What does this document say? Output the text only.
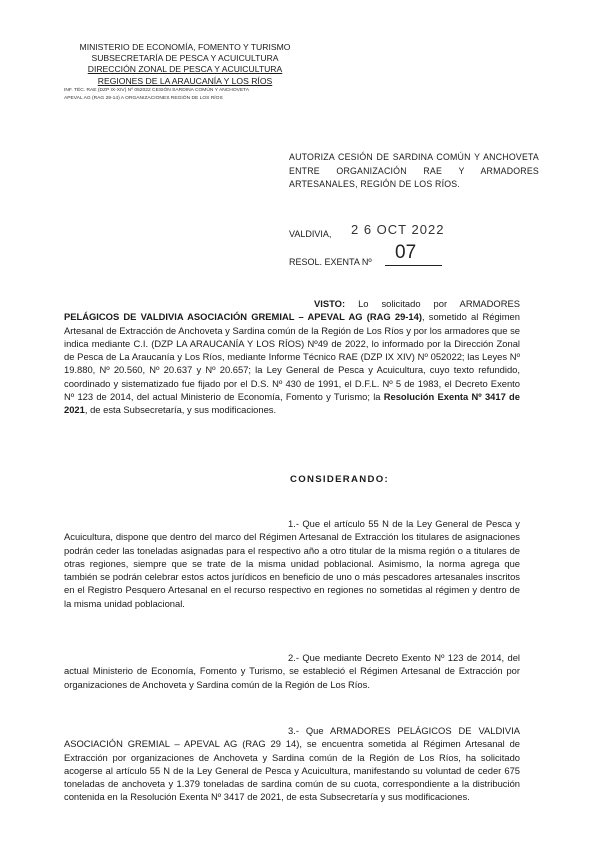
MINISTERIO DE ECONOMÍA, FOMENTO Y TURISMO
SUBSECRETARÍA DE PESCA Y ACUICULTURA
DIRECCIÓN ZONAL DE PESCA Y ACUICULTURA
REGIONES DE LA ARAUCANÍA Y LOS RÍOS
INF. TÉC. RAE (DZP IX-XIV) Nº 052022 CESIÓN SARDINA COMÚN Y ANCHOVETA
APEVAL AG (RAG 29-14) A ORGANIZACIONES REGIÓN DE LOS RÍOS
AUTORIZA CESIÓN DE SARDINA COMÚN Y ANCHOVETA ENTRE ORGANIZACIÓN RAE Y ARMADORES ARTESANALES, REGIÓN DE LOS RÍOS.
VALDIVIA, 2 6 OCT 2022
RESOL. EXENTA Nº 07
VISTO: Lo solicitado por ARMADORES PELÁGICOS DE VALDIVIA ASOCIACIÓN GREMIAL – APEVAL AG (RAG 29-14), sometido al Régimen Artesanal de Extracción de Anchoveta y Sardina común de la Región de Los Ríos y por los armadores que se indica mediante C.I. (DZP LA ARAUCANÍA Y LOS RÍOS) Nº49 de 2022, lo informado por la Dirección Zonal de Pesca de La Araucanía y Los Ríos, mediante Informe Técnico RAE (DZP IX XIV) Nº 052022; las Leyes Nº 19.880, Nº 20.560, Nº 20.637 y Nº 20.657; la Ley General de Pesca y Acuicultura, cuyo texto refundido, coordinado y sistematizado fue fijado por el D.S. Nº 430 de 1991, el D.F.L. Nº 5 de 1983, el Decreto Exento Nº 123 de 2014, del actual Ministerio de Economía, Fomento y Turismo; la Resolución Exenta Nº 3417 de 2021, de esta Subsecretaría, y sus modificaciones.
CONSIDERANDO:
1.- Que el artículo 55 N de la Ley General de Pesca y Acuicultura, dispone que dentro del marco del Régimen Artesanal de Extracción los titulares de asignaciones podrán ceder las toneladas asignadas para el respectivo año a otro titular de la misma región o a titulares de otras regiones, siempre que se trate de la misma unidad poblacional. Asimismo, la norma agrega que también se podrán celebrar estos actos jurídicos en beneficio de uno o más pescadores artesanales inscritos en el Registro Pesquero Artesanal en el recurso respectivo en regiones no sometidas al régimen y dentro de la misma unidad poblacional.
2.- Que mediante Decreto Exento Nº 123 de 2014, del actual Ministerio de Economía, Fomento y Turismo, se estableció el Régimen Artesanal de Extracción por organizaciones de Anchoveta y Sardina común de la Región de Los Ríos.
3.- Que ARMADORES PELÁGICOS DE VALDIVIA ASOCIACIÓN GREMIAL – APEVAL AG (RAG 29 14), se encuentra sometida al Régimen Artesanal de Extracción por organizaciones de Anchoveta y Sardina común de la Región de Los Ríos, ha solicitado acogerse al artículo 55 N de la Ley General de Pesca y Acuicultura, manifestando su voluntad de ceder 675 toneladas de anchoveta y 1.379 toneladas de sardina común de su cuota, correspondiente a la distribución contenida en la Resolución Exenta Nº 3417 de 2021, de esta Subsecretaría y sus modificaciones.
